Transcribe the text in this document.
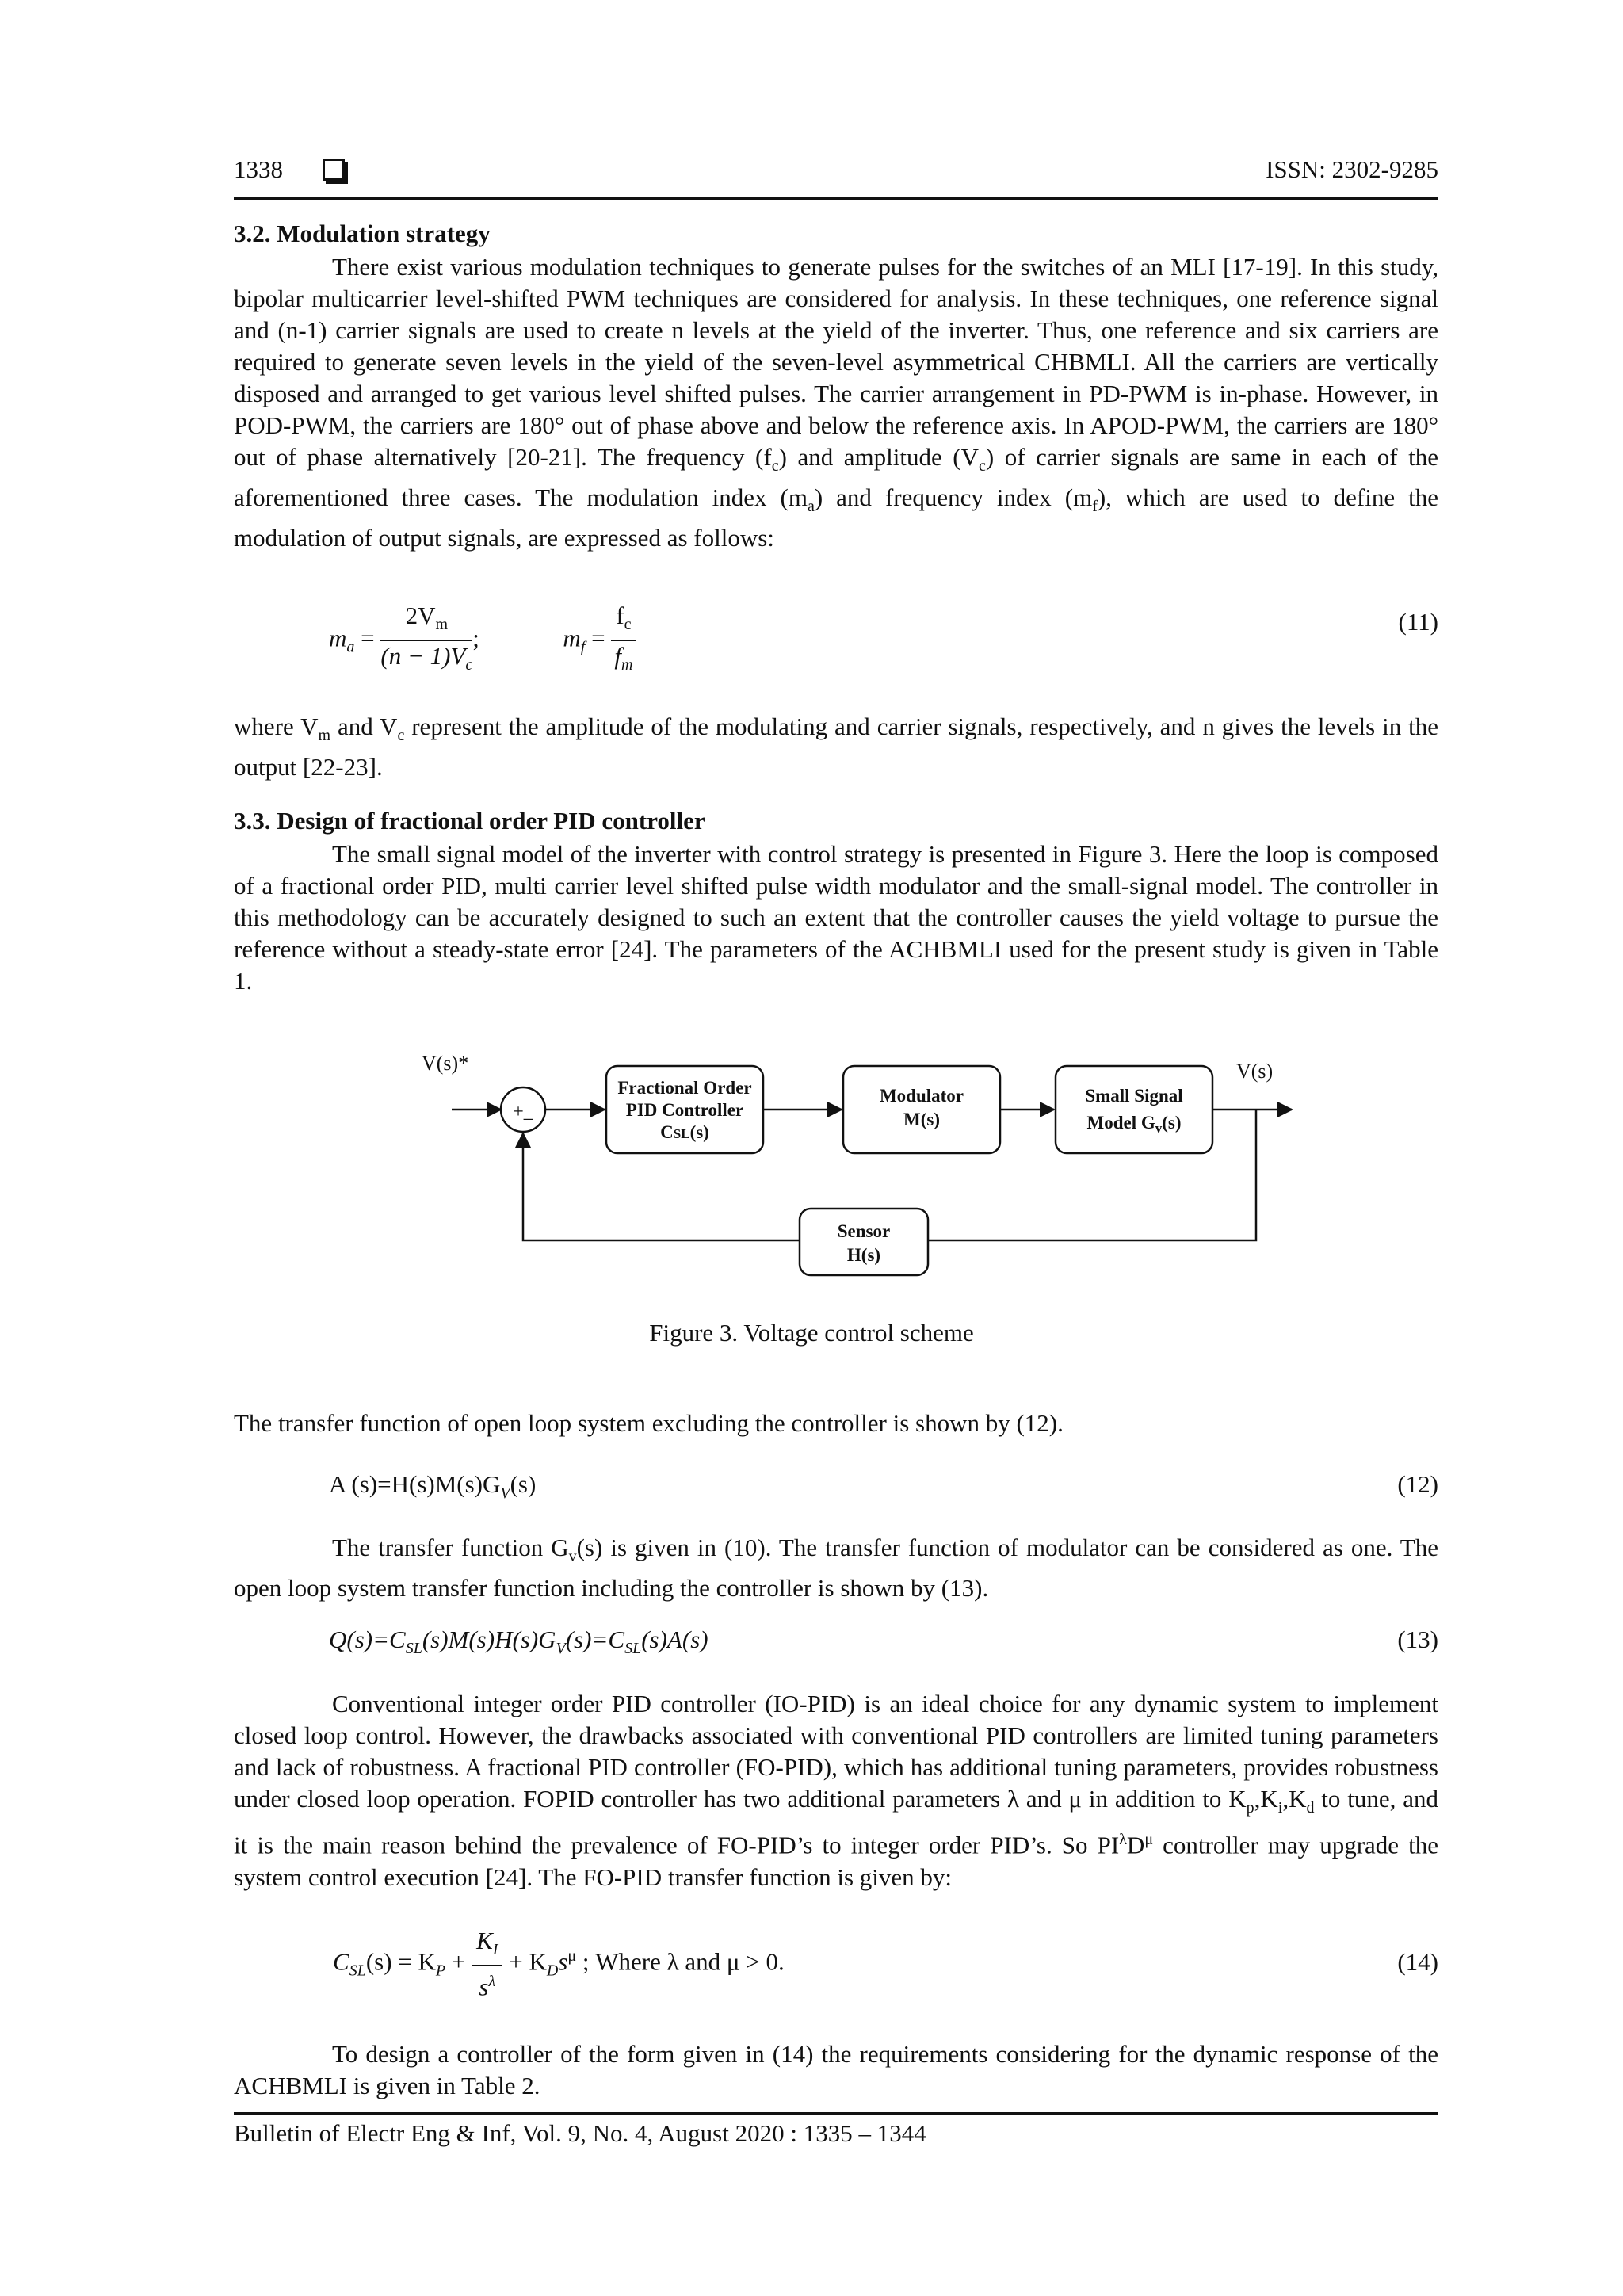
1338	ISSN: 2302-9285
3.2. Modulation strategy
There exist various modulation techniques to generate pulses for the switches of an MLI [17-19]. In this study, bipolar multicarrier level-shifted PWM techniques are considered for analysis. In these techniques, one reference signal and (n-1) carrier signals are used to create n levels at the yield of the inverter. Thus, one reference and six carriers are required to generate seven levels in the yield of the seven-level asymmetrical CHBMLI. All the carriers are vertically disposed and arranged to get various level shifted pulses. The carrier arrangement in PD-PWM is in-phase. However, in POD-PWM, the carriers are 180° out of phase above and below the reference axis. In APOD-PWM, the carriers are 180° out of phase alternatively [20-21]. The frequency $(f_c)$ and amplitude $(V_c)$ of carrier signals are same in each of the aforementioned three cases. The modulation index $(m_a)$ and frequency index $(m_f)$, which are used to define the modulation of output signals, are expressed as follows:
$m_a = \frac{2V_m}{(n - 1)V_c}$ ;	$m_f = \frac{f_c}{f_m}$	(11)
where $V_m$ and $V_c$ represent the amplitude of the modulating and carrier signals, respectively, and n gives the levels in the output [22-23].
3.3. Design of fractional order PID controller
The small signal model of the inverter with control strategy is presented in Figure 3. Here the loop is composed of a fractional order PID, multi carrier level shifted pulse width modulator and the small-signal model. The controller in this methodology can be accurately designed to such an extent that the controller causes the yield voltage to pursue the reference without a steady-state error [24]. The parameters of the ACHBMLI used for the present study is given in Table 1.
V(s)*
+_
Fractional Order
PID Controller
CSL(s)
Modulator
M(s)
Small Signal
Model $G_v(s)$
V(s)
Sensor
H(s)
Figure 3. Voltage control scheme
The transfer function of open loop system excluding the controller is shown by (12).
A $(s)=H(s)M(s)G_V(s)$	(12)
The transfer function $G_v(s)$ is given in (10). The transfer function of modulator can be considered as one. The open loop system transfer function including the controller is shown by (13).
$Q(s)=C_{SL}(s)M(s)H(s)G_V(s)=C_{SL}(s)A(s)$	(13)
Conventional integer order PID controller (IO-PID) is an ideal choice for any dynamic system to implement closed loop control. However, the drawbacks associated with conventional PID controllers are limited tuning parameters and lack of robustness. A fractional PID controller (FO-PID), which has additional tuning parameters, provides robustness under closed loop operation. FOPID controller has two additional parameters λ and μ in addition to $K_p,K_i,K_d$ to tune, and it is the main reason behind the prevalence of FO-PID’s to integer order PID’s. So $PI^\lambda D^\mu$ controller may upgrade the system control execution [24]. The FO-PID transfer function is given by:
$C_{SL}(s) = K_P + \frac{K_I}{s^\lambda} + K_Ds^\mu$ ; Where λ and μ > 0.	(14)
To design a controller of the form given in (14) the requirements considering for the dynamic response of the ACHBMLI is given in Table 2.
Bulletin of Electr Eng & Inf, Vol. 9, No. 4, August 2020 : 1335 – 1344
